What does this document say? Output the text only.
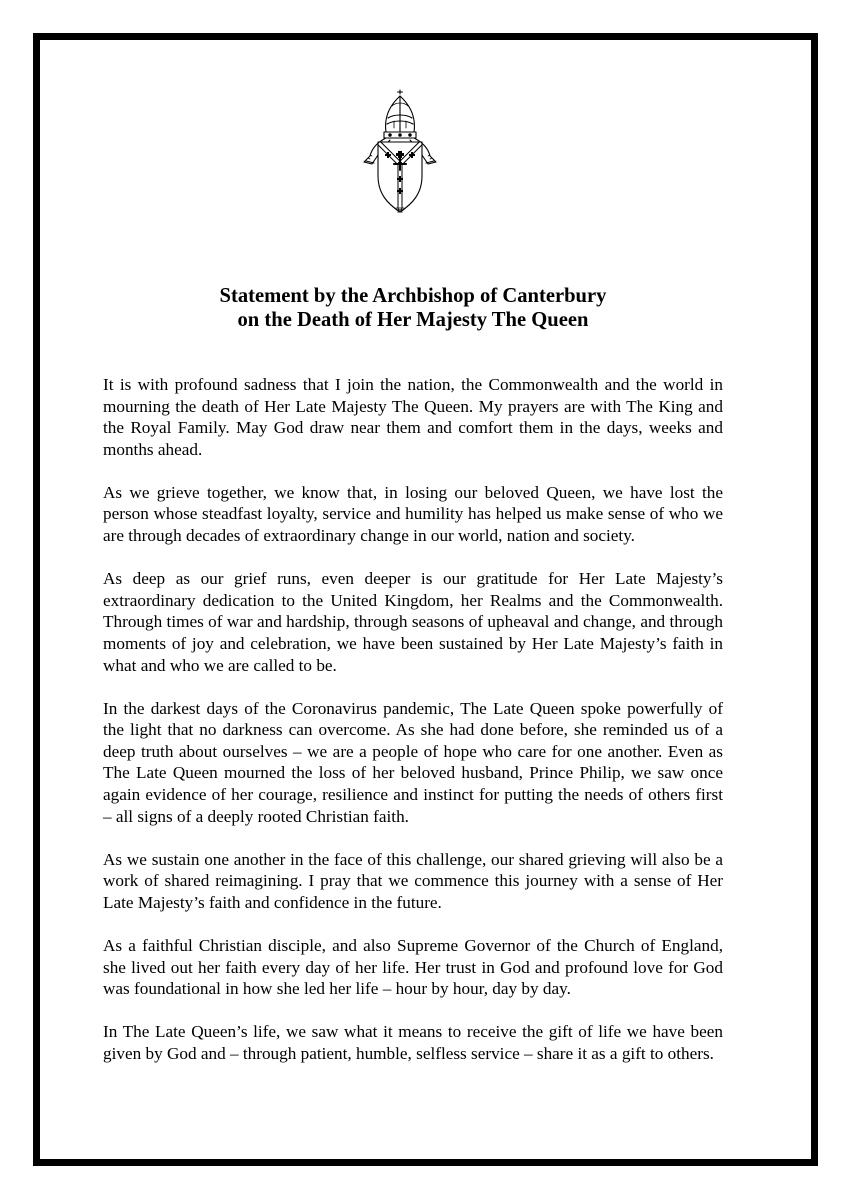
Statement by the Archbishop of Canterbury
on the Death of Her Majesty The Queen

It is with profound sadness that I join the nation, the Commonwealth and the world in mourning the death of Her Late Majesty The Queen. My prayers are with The King and the Royal Family. May God draw near them and comfort them in the days, weeks and months ahead.

As we grieve together, we know that, in losing our beloved Queen, we have lost the person whose steadfast loyalty, service and humility has helped us make sense of who we are through decades of extraordinary change in our world, nation and society.

As deep as our grief runs, even deeper is our gratitude for Her Late Majesty’s extraordinary dedication to the United Kingdom, her Realms and the Commonwealth. Through times of war and hardship, through seasons of upheaval and change, and through moments of joy and celebration, we have been sustained by Her Late Majesty’s faith in what and who we are called to be.

In the darkest days of the Coronavirus pandemic, The Late Queen spoke powerfully of the light that no darkness can overcome. As she had done before, she reminded us of a deep truth about ourselves – we are a people of hope who care for one another. Even as The Late Queen mourned the loss of her beloved husband, Prince Philip, we saw once again evidence of her courage, resilience and instinct for putting the needs of others first – all signs of a deeply rooted Christian faith.

As we sustain one another in the face of this challenge, our shared grieving will also be a work of shared reimagining. I pray that we commence this journey with a sense of Her Late Majesty’s faith and confidence in the future.

As a faithful Christian disciple, and also Supreme Governor of the Church of England, she lived out her faith every day of her life. Her trust in God and profound love for God was foundational in how she led her life – hour by hour, day by day.

In The Late Queen’s life, we saw what it means to receive the gift of life we have been given by God and – through patient, humble, selfless service – share it as a gift to others.
